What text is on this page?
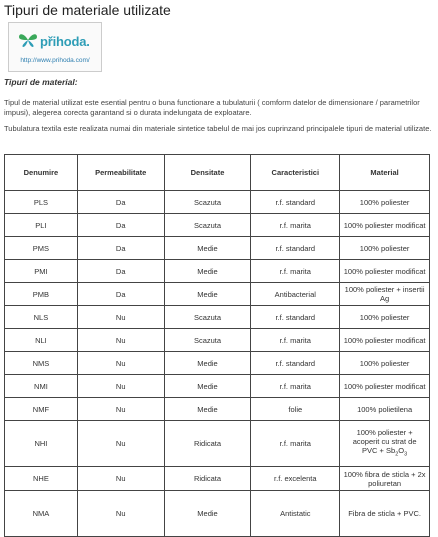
Tipuri de materiale utilizate
přihoda.
http://www.prihoda.com/
Tipuri de material:

Tipul de material utilizat este esential pentru o buna functionare a tubulaturii ( comform datelor de dimensionare / parametrilor impusi), alegerea corecta garantand si o durata indelungata de exploatare.

Tubulatura textila este realizata numai din materiale sintetice tabelul de mai jos cuprinzand principalele tipuri de material utilizate.

Denumire	Permeabilitate	Densitate	Caracteristici	Material
PLS	Da	Scazuta	r.f. standard	100% poliester
PLI	Da	Scazuta	r.f. marita	100% poliester modificat
PMS	Da	Medie	r.f. standard	100% poliester
PMI	Da	Medie	r.f. marita	100% poliester modificat
PMB	Da	Medie	Antibacterial	100% poliester + insertii Ag
NLS	Nu	Scazuta	r.f. standard	100% poliester
NLI	Nu	Scazuta	r.f. marita	100% poliester modificat
NMS	Nu	Medie	r.f. standard	100% poliester
NMI	Nu	Medie	r.f. marita	100% poliester modificat
NMF	Nu	Medie	folie	100% polietilena
NHI	Nu	Ridicata	r.f. marita	100% poliester +
acoperit cu strat de
PVC + $Sb_2O_3$
NHE	Nu	Ridicata	r.f. excelenta	100% fibra de sticla + 2x poliuretan
NMA	Nu	Medie	Antistatic	Fibra de sticla + PVC.
